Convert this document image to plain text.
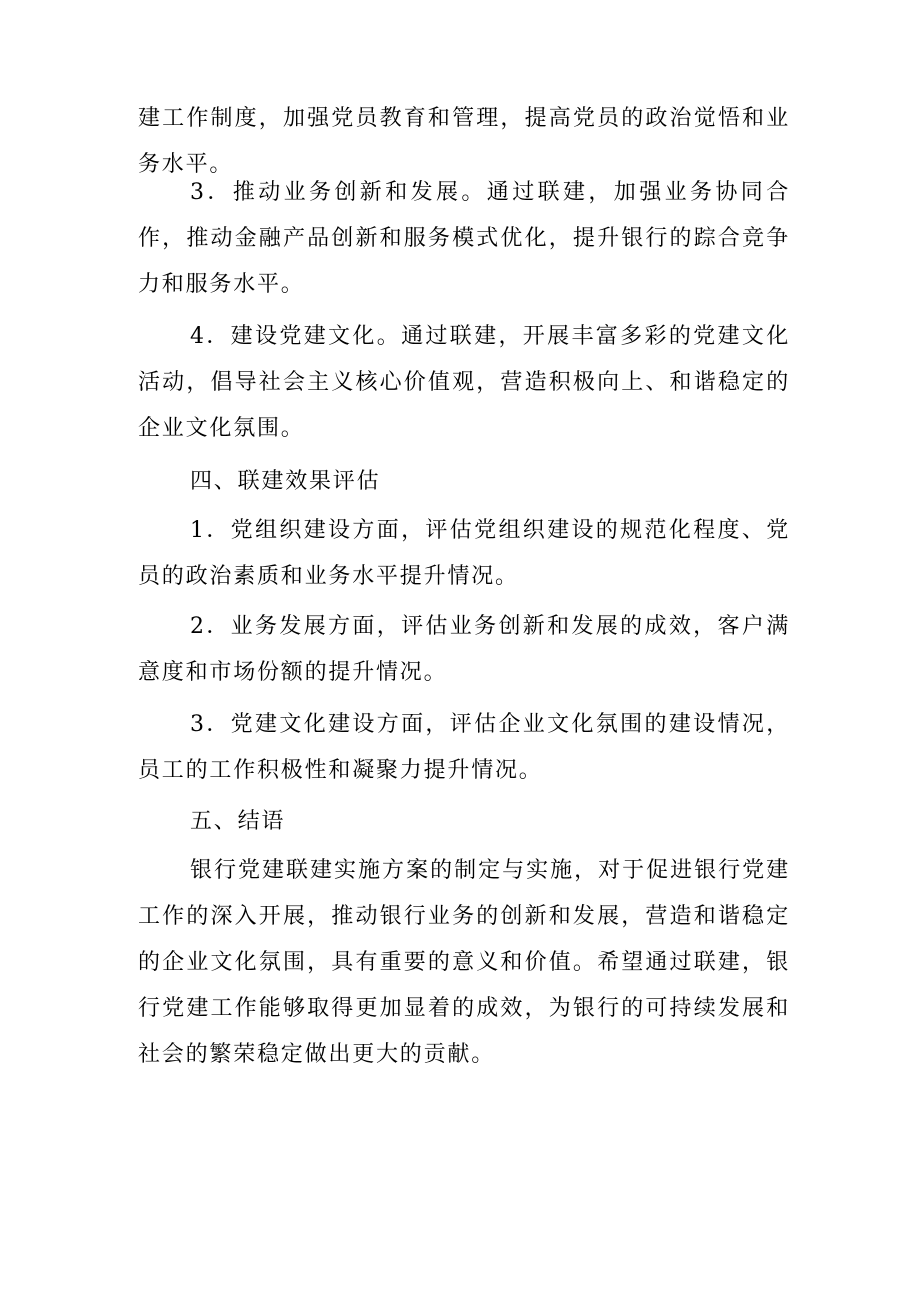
建工作制度，加强党员教育和管理，提高党员的政治觉悟和业务水平。

3．推动业务创新和发展。通过联建，加强业务协同合作，推动金融产品创新和服务模式优化，提升银行的踪合竞争力和服务水平。

4．建设党建文化。通过联建，开展丰富多彩的党建文化活动，倡导社会主义核心价值观，营造积极向上、和谐稳定的企业文化氛围。

四、联建效果评估

1．党组织建设方面，评估党组织建设的规范化程度、党员的政治素质和业务水平提升情况。

2．业务发展方面，评估业务创新和发展的成效，客户满意度和市场份额的提升情况。

3．党建文化建设方面，评估企业文化氛围的建设情况，员工的工作积极性和凝聚力提升情况。

五、结语

银行党建联建实施方案的制定与实施，对于促进银行党建工作的深入开展，推动银行业务的创新和发展，营造和谐稳定的企业文化氛围，具有重要的意义和价值。希望通过联建，银行党建工作能够取得更加显着的成效，为银行的可持续发展和社会的繁荣稳定做出更大的贡献。
